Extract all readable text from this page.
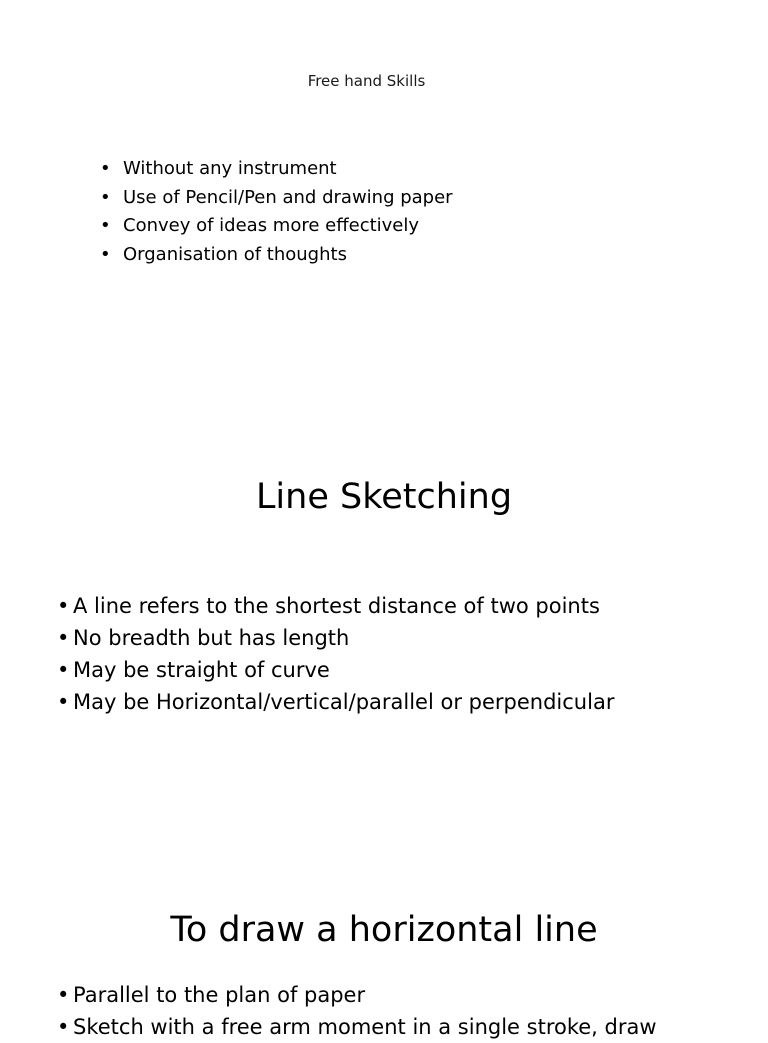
Free hand Skills
• Without any instrument
• Use of Pencil/Pen and drawing paper
• Convey of ideas more effectively
• Organisation of thoughts
Line Sketching
• A line refers to the shortest distance of two points
• No breadth but has length
• May be straight of curve
• May be Horizontal/vertical/parallel or perpendicular
To draw a horizontal line
• Parallel to the plan of paper
• Sketch with a free arm moment in a single stroke, draw
